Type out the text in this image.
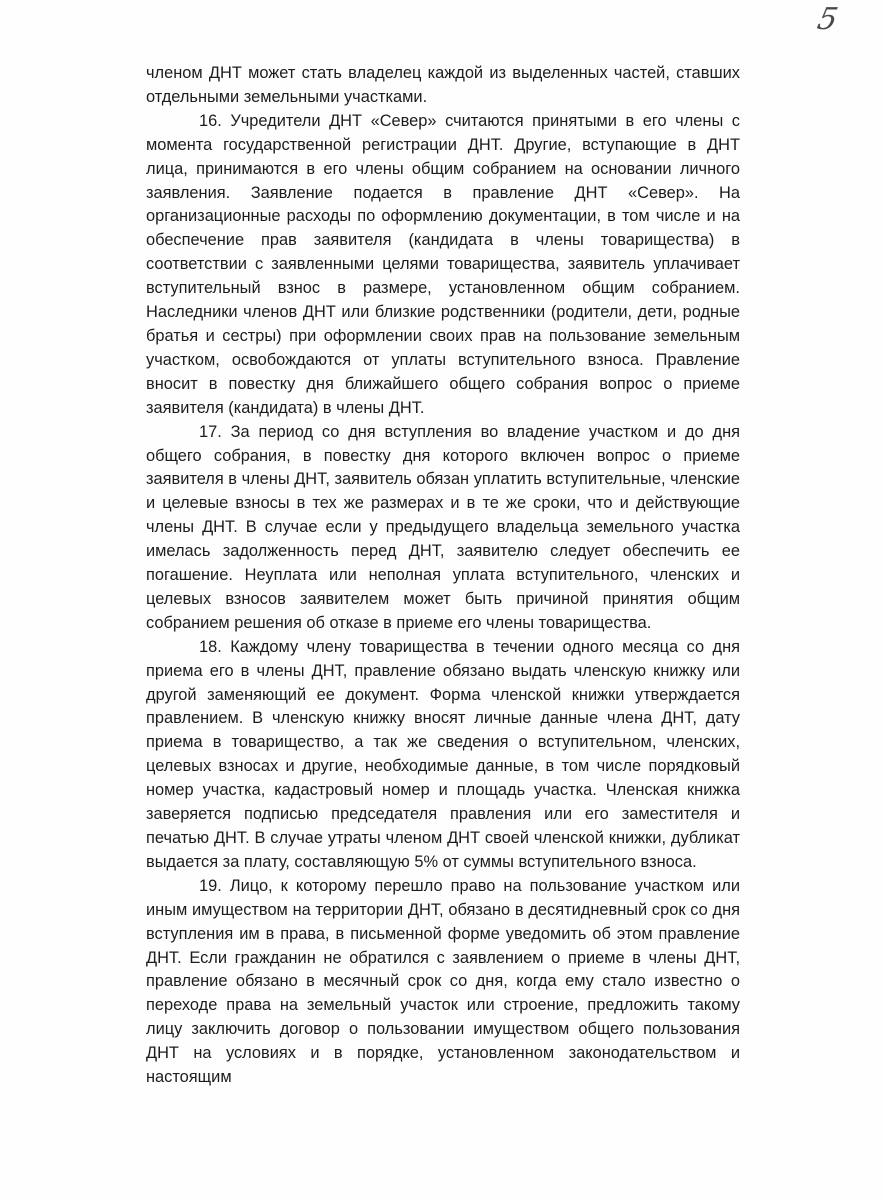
5

членом ДНТ может стать владелец каждой из выделенных частей, ставших отдельными земельными участками.

16. Учредители ДНТ «Север» считаются принятыми в его члены с момента государственной регистрации ДНТ. Другие, вступающие в ДНТ лица, принимаются в его члены общим собранием на основании личного заявления. Заявление подается в правление ДНТ «Север». На организационные расходы по оформлению документации, в том числе и на обеспечение прав заявителя (кандидата в члены товарищества) в соответствии с заявленными целями товарищества, заявитель уплачивает вступительный взнос в размере, установленном общим собранием. Наследники членов ДНТ или близкие родственники (родители, дети, родные братья и сестры) при оформлении своих прав на пользование земельным участком, освобождаются от уплаты вступительного взноса. Правление вносит в повестку дня ближайшего общего собрания вопрос о приеме заявителя (кандидата) в члены ДНТ.

17. За период со дня вступления во владение участком и до дня общего собрания, в повестку дня которого включен вопрос о приеме заявителя в члены ДНТ, заявитель обязан уплатить вступительные, членские и целевые взносы в тех же размерах и в те же сроки, что и действующие члены ДНТ. В случае если у предыдущего владельца земельного участка имелась задолженность перед ДНТ, заявителю следует обеспечить ее погашение. Неуплата или неполная уплата вступительного, членских и целевых взносов заявителем может быть причиной принятия общим собранием решения об отказе в приеме его члены товарищества.

18. Каждому члену товарищества в течении одного месяца со дня приема его в члены ДНТ, правление обязано выдать членскую книжку или другой заменяющий ее документ. Форма членской книжки утверждается правлением. В членскую книжку вносят личные данные члена ДНТ, дату приема в товарищество, а так же сведения о вступительном, членских, целевых взносах и другие, необходимые данные, в том числе порядковый номер участка, кадастровый номер и площадь участка. Членская книжка заверяется подписью председателя правления или его заместителя и печатью ДНТ. В случае утраты членом ДНТ своей членской книжки, дубликат выдается за плату, составляющую 5% от суммы вступительного взноса.

19. Лицо, к которому перешло право на пользование участком или иным имуществом на территории ДНТ, обязано в десятидневный срок со дня вступления им в права, в письменной форме уведомить об этом правление ДНТ. Если гражданин не обратился с заявлением о приеме в члены ДНТ, правление обязано в месячный срок со дня, когда ему стало известно о переходе права на земельный участок или строение, предложить такому лицу заключить договор о пользовании имуществом общего пользования ДНТ на условиях и в порядке, установленном законодательством и настоящим
